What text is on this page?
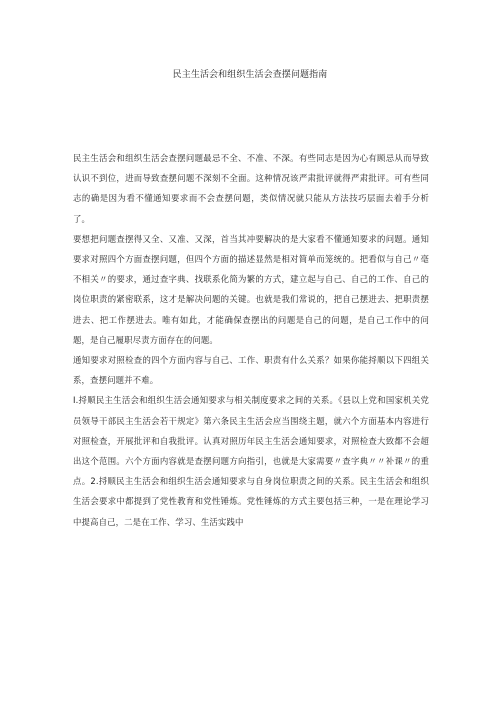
民主生活会和组织生活会查摆问题指南

民主生活会和组织生活会查摆问题最忌不全、不准、不深。有些同志是因为心有顾忌从而导致认识不到位，进而导致查摆问题不深刻不全面。这种情况该严肃批评就得严肃批评。可有些同志的确是因为看不懂通知要求而不会查摆问题，类似情况就只能从方法技巧层面去着手分析了。

要想把问题查摆得又全、又准、又深，首当其冲要解决的是大家看不懂通知要求的问题。通知要求对照四个方面查摆问题，但四个方面的描述显然是相对简单而笼统的。把看似与自己〃毫不相关〃的要求，通过查字典、找联系化简为繁的方式，建立起与自己、自己的工作、自己的岗位职责的紧密联系，这才是解决问题的关键。也就是我们常说的，把自己摆进去、把职责摆进去、把工作摆进去。唯有如此，才能确保查摆出的问题是自己的问题，是自己工作中的问题，是自己履职尽责方面存在的问题。

通知要求对照检查的四个方面内容与自己、工作、职责有什么关系？如果你能捋顺以下四组关系，查摆问题并不难。

I.捋顺民主生活会和组织生活会通知要求与相关制度要求之间的关系。《县以上党和国家机关党员领导干部民主生活会若干规定》第六条民主生活会应当围绕主题，就六个方面基本内容进行对照检查，开展批评和自我批评。认真对照历年民主生活会通知要求，对照检查大致都不会超出这个范围。六个方面内容就是查摆问题方向指引，也就是大家需要〃查字典〃〃补课〃的重点。2.捋顺民主生活会和组织生活会通知要求与自身岗位职责之间的关系。民主生活会和组织生活会要求中都提到了党性教育和党性锤炼。党性锤炼的方式主要包括三种，一是在理论学习中提高自己，二是在工作、学习、生活实践中
